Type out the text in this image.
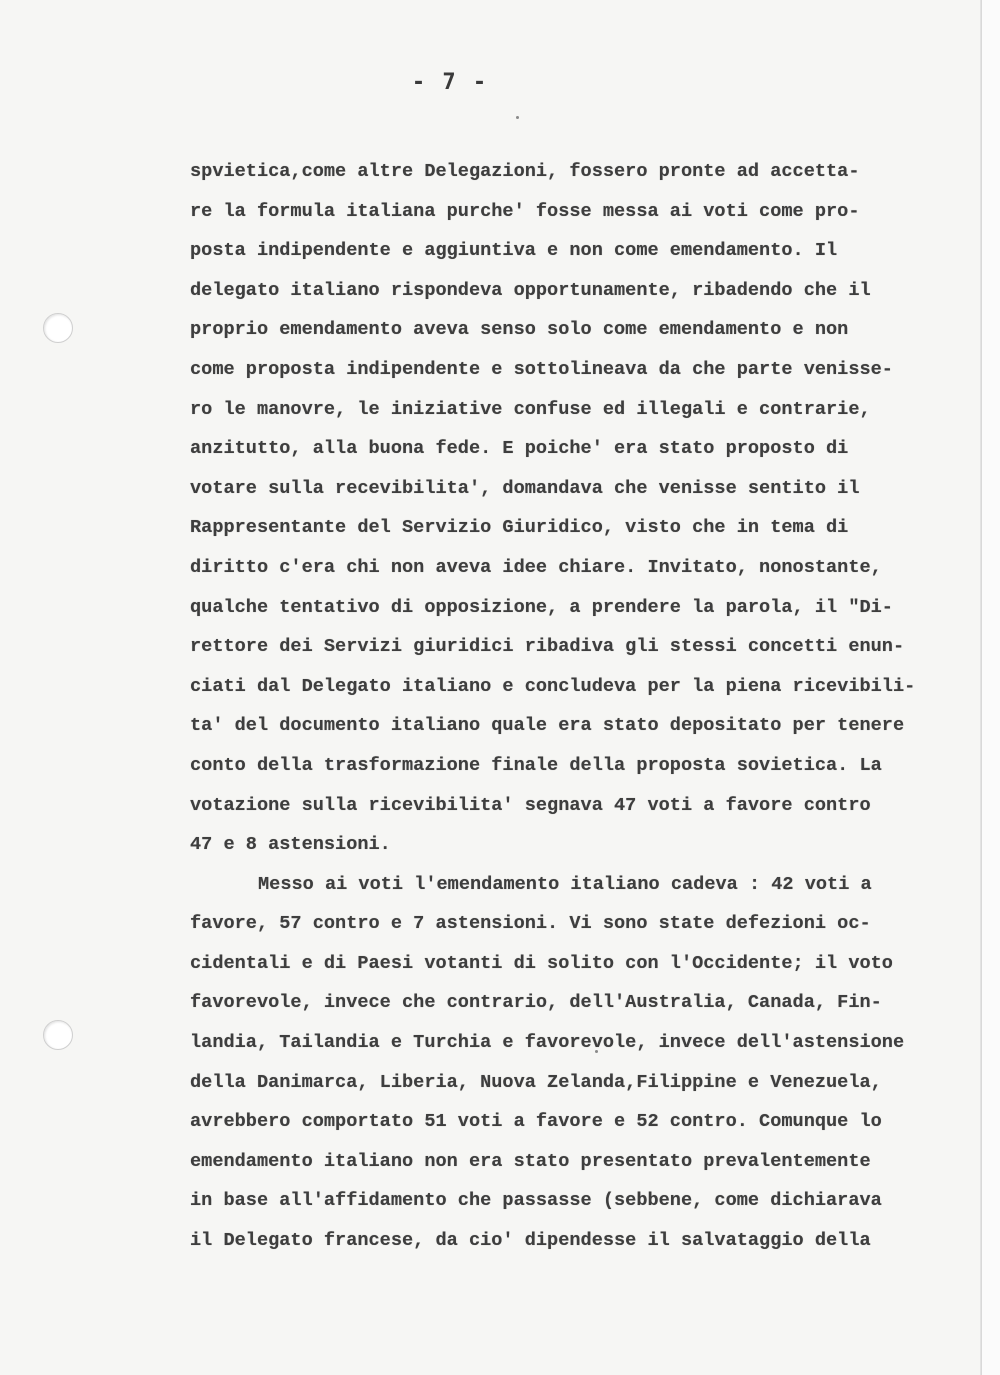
- 7 -
spvietica,come altre Delegazioni, fossero pronte ad accetta-
re la formula italiana purche' fosse messa ai voti come pro-
posta indipendente e aggiuntiva e non come emendamento. Il
delegato italiano rispondeva opportunamente, ribadendo che il
proprio emendamento aveva senso solo come emendamento e non
come proposta indipendente e sottolineava da che parte venisse-
ro le manovre, le iniziative confuse ed illegali e contrarie,
anzitutto, alla buona fede. E poiche' era stato proposto di
votare sulla recevibilita', domandava che venisse sentito il
Rappresentante del Servizio Giuridico, visto che in tema di
diritto c'era chi non aveva idee chiare. Invitato, nonostante,
qualche tentativo di opposizione, a prendere la parola, il "Di-
rettore dei Servizi giuridici ribadiva gli stessi concetti enun-
ciati dal Delegato italiano e concludeva per la piena ricevibili-
ta' del documento italiano quale era stato depositato per tenere
conto della trasformazione finale della proposta sovietica. La
votazione sulla ricevibilita' segnava 47 voti a favore contro
47 e 8 astensioni.
Messo ai voti l'emendamento italiano cadeva : 42 voti a
favore, 57 contro e 7 astensioni. Vi sono state defezioni oc-
cidentali e di Paesi votanti di solito con l'Occidente; il voto
favorevole, invece che contrario, dell'Australia, Canada, Fin-
landia, Tailandia e Turchia e favorevole, invece dell'astensione
della Danimarca, Liberia, Nuova Zelanda,Filippine e Venezuela,
avrebbero comportato 51 voti a favore e 52 contro. Comunque lo
emendamento italiano non era stato presentato prevalentemente
in base all'affidamento che passasse (sebbene, come dichiarava
il Delegato francese, da cio' dipendesse il salvataggio della
